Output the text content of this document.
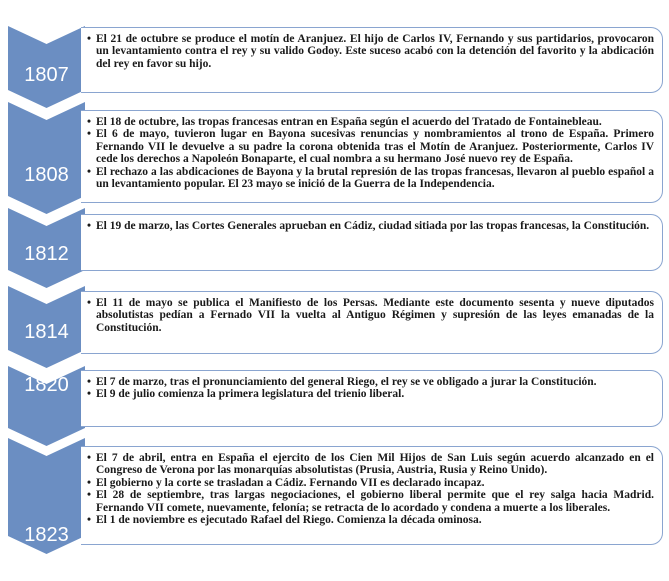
1807
• El 21 de octubre se produce el motín de Aranjuez. El hijo de Carlos IV, Fernando y sus partidarios, provocaron un levantamiento contra el rey y su valido Godoy. Este suceso acabó con la detención del favorito y la abdicación del rey en favor su hijo.
1808
• El 18 de octubre, las tropas francesas entran en España según el acuerdo del Tratado de Fontainebleau.
• El 6 de mayo, tuvieron lugar en Bayona sucesivas renuncias y nombramientos al trono de España. Primero Fernando VII le devuelve a su padre la corona obtenida tras el Motín de Aranjuez. Posteriormente, Carlos IV cede los derechos a Napoleón Bonaparte, el cual nombra a su hermano José nuevo rey de España.
• El rechazo a las abdicaciones de Bayona y la brutal represión de las tropas francesas, llevaron al pueblo español a un levantamiento popular. El 23 mayo se inició de la Guerra de la Independencia.
1812
• El 19 de marzo, las Cortes Generales aprueban en Cádiz, ciudad sitiada por las tropas francesas, la Constitución.
1814
• El 11 de mayo se publica el Manifiesto de los Persas. Mediante este documento sesenta y nueve diputados absolutistas pedían a Fernado VII la vuelta al Antiguo Régimen y supresión de las leyes emanadas de la Constitución.
1820
•	El 7 de marzo, tras el pronunciamiento del general Riego, el rey se ve obligado a jurar la Constitución.
• El 9 de julio comienza la primera legislatura del trienio liberal.
1823
• El 7 de abril, entra en España el ejercito de los Cien Mil Hijos de San Luis según acuerdo alcanzado en el Congreso de Verona por las monarquías absolutistas (Prusia, Austria, Rusia y Reino Unido).
• El gobierno y la corte se trasladan a Cádiz. Fernando VII es declarado incapaz.
• El 28 de septiembre, tras largas negociaciones, el gobierno liberal permite que el rey salga hacia Madrid. Fernando VII comete, nuevamente, felonía; se retracta de lo acordado y condena a muerte a los liberales.
• El 1 de noviembre es ejecutado Rafael del Riego. Comienza la década ominosa.
